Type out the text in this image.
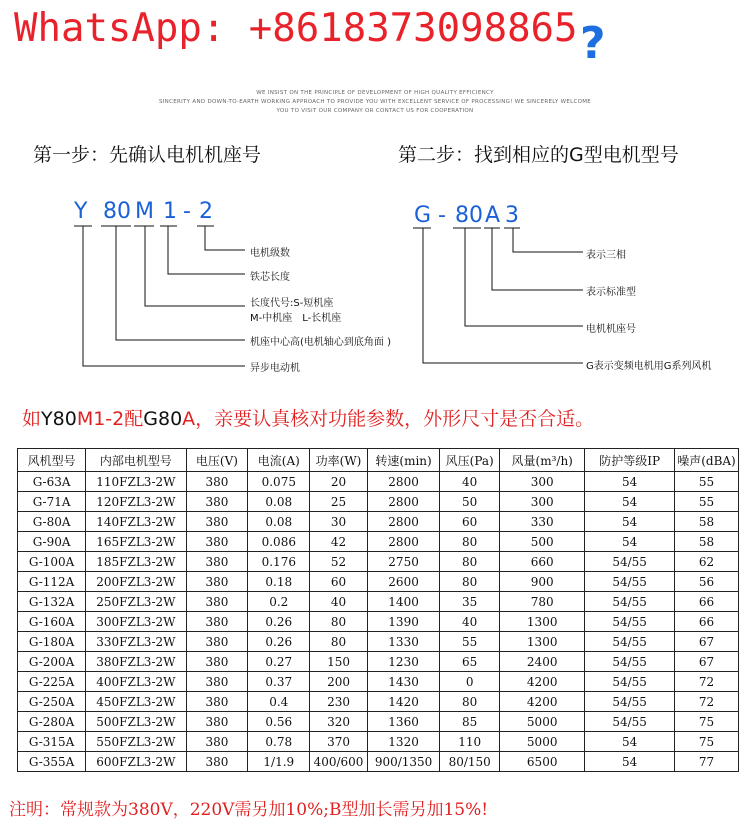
WhatsApp: +8618373098865 ?
WE INSIST ON THE PRINCIPLE OF DEVELOPMENT OF HIGH QUALITY EFFICIENCY
SINCERITY AND DOWN-TO-EARTH WORKING APPROACH TO PROVIDE YOU WITH EXCELLENT SERVICE OF PROCESSING! WE SINCERELY WELCOME
YOU TO VISIT OUR COMPANY OR CONTACT US FOR COOPERATION
第一步：先确认电机机座号	第二步：找到相应的G型电机型号
Y 80 M 1 - 2	G - 80 A 3
电机级数
铁芯长度
长度代号:S-短机座
M-中机座　L-长机座
机座中心高(电机轴心到底角面 )
异步电动机
表示三相
表示标准型
电机机座号
G表示变频电机用G系列风机
如Y80M1-2配G80A，亲要认真核对功能参数，外形尺寸是否合适。
风机型号	内部电机型号	电压(V)	电流(A)	功率(W)	转速(min)	风压(Pa)	风量(m³/h)	防护等级IP	噪声(dBA)
G-63A	110FZL3-2W	380	0.075	20	2800	40	300	54	55
G-71A	120FZL3-2W	380	0.08	25	2800	50	300	54	55
G-80A	140FZL3-2W	380	0.08	30	2800	60	330	54	58
G-90A	165FZL3-2W	380	0.086	42	2800	80	500	54	58
G-100A	185FZL3-2W	380	0.176	52	2750	80	660	54/55	62
G-112A	200FZL3-2W	380	0.18	60	2600	80	900	54/55	56
G-132A	250FZL3-2W	380	0.2	40	1400	35	780	54/55	66
G-160A	300FZL3-2W	380	0.26	80	1390	40	1300	54/55	66
G-180A	330FZL3-2W	380	0.26	80	1330	55	1300	54/55	67
G-200A	380FZL3-2W	380	0.27	150	1230	65	2400	54/55	67
G-225A	400FZL3-2W	380	0.37	200	1430	0	4200	54/55	72
G-250A	450FZL3-2W	380	0.4	230	1420	80	4200	54/55	72
G-280A	500FZL3-2W	380	0.56	320	1360	85	5000	54/55	75
G-315A	550FZL3-2W	380	0.78	370	1320	110	5000	54	75
G-355A	600FZL3-2W	380	1/1.9	400/600	900/1350	80/150	6500	54	77
注明：常规款为380V，220V需另加10%;B型加长需另加15%!
